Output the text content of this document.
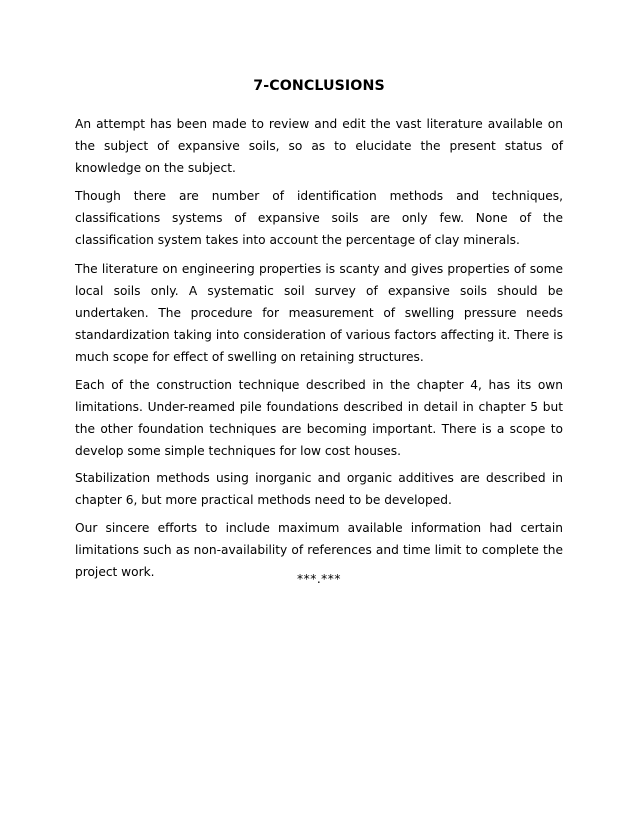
7-CONCLUSIONS

An attempt has been made to review and edit the vast literature available on the subject of expansive soils, so as to elucidate the present status of knowledge on the subject.

Though there are number of identification methods and techniques, classifications systems of expansive soils are only few. None of the classification system takes into account the percentage of clay minerals.

The literature on engineering properties is scanty and gives properties of some local soils only. A systematic soil survey of expansive soils should be undertaken. The procedure for measurement of swelling pressure needs standardization taking into consideration of various factors affecting it. There is much scope for effect of swelling on retaining structures.

Each of the construction technique described in the chapter 4, has its own limitations. Under-reamed pile foundations described in detail in chapter 5 but the other foundation techniques are becoming important. There is a scope to develop some simple techniques for low cost houses.

Stabilization methods using inorganic and organic additives are described in chapter 6, but more practical methods need to be developed.

Our sincere efforts to include maximum available information had certain limitations such as non-availability of references and time limit to complete the project work.	***.***
